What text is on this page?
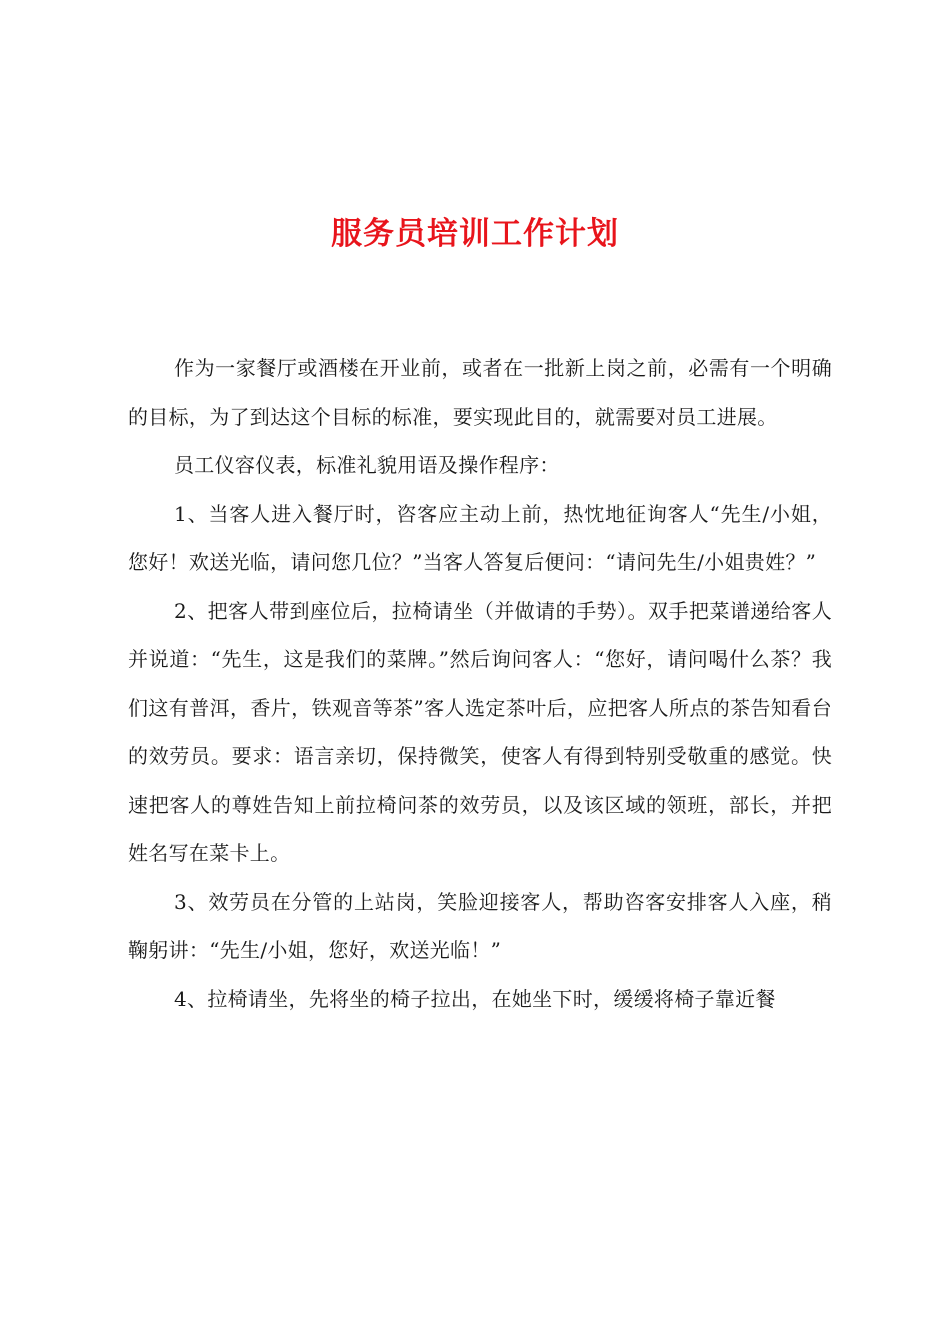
服务员培训工作计划

作为一家餐厅或酒楼在开业前，或者在一批新上岗之前，必需有一个明确的目标，为了到达这个目标的标准，要实现此目的，就需要对员工进展。

员工仪容仪表，标准礼貌用语及操作程序：

1、当客人进入餐厅时，咨客应主动上前，热忱地征询客人“先生/小姐，您好！欢送光临，请问您几位？”当客人答复后便问：“请问先生/小姐贵姓？”

2、把客人带到座位后，拉椅请坐（并做请的手势）。双手把菜谱递给客人并说道：“先生，这是我们的菜牌。”然后询问客人：“您好，请问喝什么茶？我们这有普洱，香片，铁观音等茶”客人选定茶叶后，应把客人所点的茶告知看台的效劳员。要求：语言亲切，保持微笑，使客人有得到特别受敬重的感觉。快速把客人的尊姓告知上前拉椅问茶的效劳员，以及该区域的领班，部长，并把姓名写在菜卡上。

3、效劳员在分管的上站岗，笑脸迎接客人，帮助咨客安排客人入座，稍鞠躬讲：“先生/小姐，您好，欢送光临！”

4、拉椅请坐，先将坐的椅子拉出，在她坐下时，缓缓将椅子靠近餐
